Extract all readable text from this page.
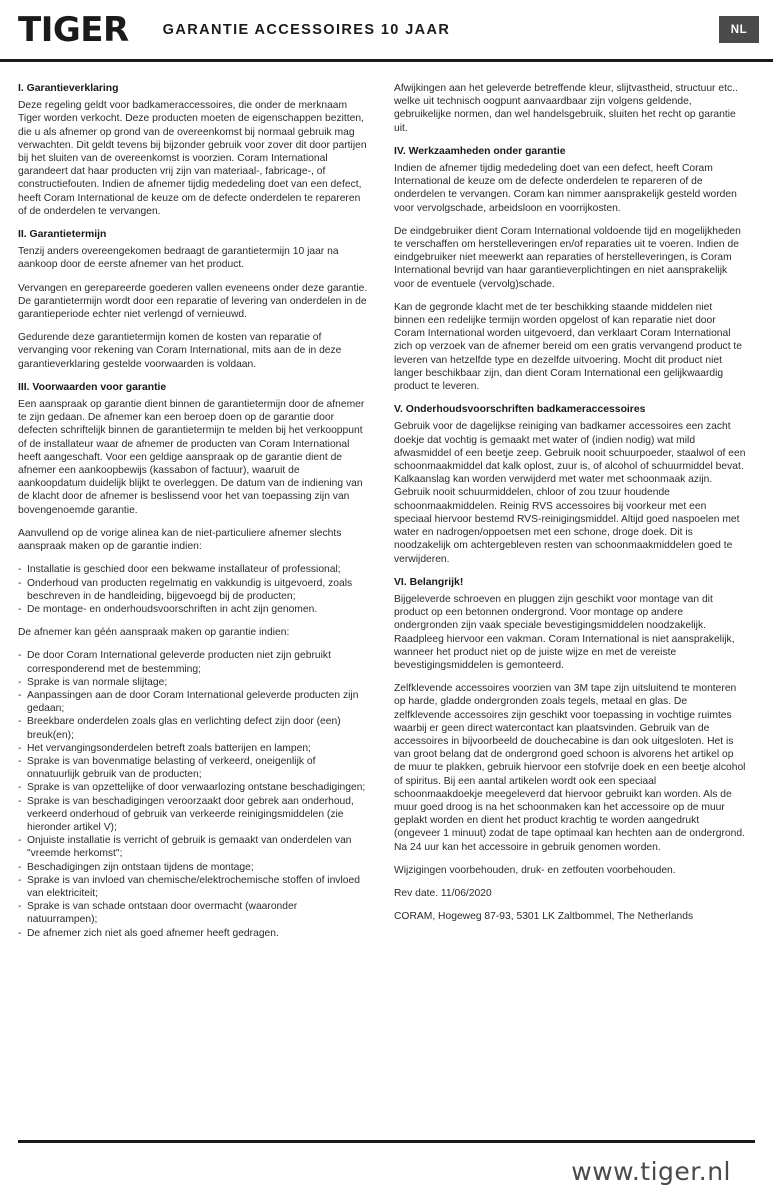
TIGER GARANTIE ACCESSOIRES 10 JAAR	NL
I. Garantieverklaring

Deze regeling geldt voor badkameraccessoires, die onder de merknaam Tiger worden verkocht. Deze producten moeten de eigenschappen bezitten, die u als afnemer op grond van de overeenkomst bij normaal gebruik mag verwachten. Dit geldt tevens bij bijzonder gebruik voor zover dit door partijen bij het sluiten van de overeenkomst is voorzien. Coram International garandeert dat haar producten vrij zijn van materiaal-, fabricage-, of constructiefouten. Indien de afnemer tijdig mededeling doet van een defect, heeft Coram International de keuze om de defecte onderdelen te repareren of de onderdelen te vervangen.

II. Garantietermijn

Tenzij anders overeengekomen bedraagt de garantietermijn 10 jaar na aankoop door de eerste afnemer van het product.

Vervangen en gerepareerde goederen vallen eveneens onder deze garantie. De garantietermijn wordt door een reparatie of levering van onderdelen in de garantieperiode echter niet verlengd of vernieuwd.

Gedurende deze garantietermijn komen de kosten van reparatie of vervanging voor rekening van Coram International, mits aan de in deze garantieverklaring gestelde voorwaarden is voldaan.

III. Voorwaarden voor garantie

Een aanspraak op garantie dient binnen de garantietermijn door de afnemer te zijn gedaan. De afnemer kan een beroep doen op de garantie door defecten schriftelijk binnen de garantietermijn te melden bij het verkooppunt of de installateur waar de afnemer de producten van Coram International heeft aangeschaft. Voor een geldige aanspraak op de garantie dient de afnemer een aankoopbewijs (kassabon of factuur), waaruit de aankoopdatum duidelijk blijkt te overleggen. De datum van de indiening van de klacht door de afnemer is beslissend voor het van toepassing zijn van bovengenoemde garantie.

Aanvullend op de vorige alinea kan de niet-particuliere afnemer slechts aanspraak maken op de garantie indien:

- Installatie is geschied door een bekwame installateur of professional;
- Onderhoud van producten regelmatig en vakkundig is uitgevoerd, zoals beschreven in de handleiding, bijgevoegd bij de producten;
- De montage- en onderhoudsvoorschriften in acht zijn genomen.

De afnemer kan géén aanspraak maken op garantie indien:

- De door Coram International geleverde producten niet zijn gebruikt corresponderend met de bestemming;
- Sprake is van normale slijtage;
- Aanpassingen aan de door Coram International geleverde producten zijn gedaan;
- Breekbare onderdelen zoals glas en verlichting defect zijn door (een) breuk(en);
- Het vervangingsonderdelen betreft zoals batterijen en lampen;
- Sprake is van bovenmatige belasting of verkeerd, oneigenlijk of onnatuurlijk gebruik van de producten;
- Sprake is van opzettelijke of door verwaarlozing ontstane beschadigingen;
- Sprake is van beschadigingen veroorzaakt door gebrek aan onderhoud, verkeerd onderhoud of gebruik van verkeerde reinigingsmiddelen (zie hieronder artikel V);
- Onjuiste installatie is verricht of gebruik is gemaakt van onderdelen van "vreemde herkomst";
- Beschadigingen zijn ontstaan tijdens de montage;
- Sprake is van invloed van chemische/elektrochemische stoffen of invloed van elektriciteit;
- Sprake is van schade ontstaan door overmacht (waaronder natuurrampen);
- De afnemer zich niet als goed afnemer heeft gedragen.

Afwijkingen aan het geleverde betreffende kleur, slijtvastheid, structuur etc.. welke uit technisch oogpunt aanvaardbaar zijn volgens geldende, gebruikelijke normen, dan wel handelsgebruik, sluiten het recht op garantie uit.

IV. Werkzaamheden onder garantie

Indien de afnemer tijdig mededeling doet van een defect, heeft Coram International de keuze om de defecte onderdelen te repareren of de onderdelen te vervangen. Coram kan nimmer aansprakelijk gesteld worden voor vervolgschade, arbeidsloon en voorrijkosten.

De eindgebruiker dient Coram International voldoende tijd en mogelijkheden te verschaffen om herstelleveringen en/of reparaties uit te voeren. Indien de eindgebruiker niet meewerkt aan reparaties of herstelleveringen, is Coram International bevrijd van haar garantieverplichtingen en niet aansprakelijk voor de eventuele (vervolg)schade.

Kan de gegronde klacht met de ter beschikking staande middelen niet binnen een redelijke termijn worden opgelost of kan reparatie niet door Coram International worden uitgevoerd, dan verklaart Coram International zich op verzoek van de afnemer bereid om een gratis vervangend product te leveren van hetzelfde type en dezelfde uitvoering. Mocht dit product niet langer beschikbaar zijn, dan dient Coram International een gelijkwaardig product te leveren.

V. Onderhoudsvoorschriften badkameraccessoires

Gebruik voor de dagelijkse reiniging van badkamer accessoires een zacht doekje dat vochtig is gemaakt met water of (indien nodig) wat mild afwasmiddel of een beetje zeep. Gebruik nooit schuurpoeder, staalwol of een schoonmaakmiddel dat kalk oplost, zuur is, of alcohol of schuurmiddel bevat. Kalkaanslag kan worden verwijderd met water met schoonmaak azijn. Gebruik nooit schuurmiddelen, chloor of zou tzuur houdende schoonmaakmiddelen. Reinig RVS accessoires bij voorkeur met een speciaal hiervoor bestemd RVS-reinigingsmiddel. Altijd goed naspoelen met water en nadrogen/oppoetsen met een schone, droge doek. Dit is noodzakelijk om achtergebleven resten van schoonmaakmiddelen goed te verwijderen.

VI. Belangrijk!

Bijgeleverde schroeven en pluggen zijn geschikt voor montage van dit product op een betonnen ondergrond. Voor montage op andere ondergronden zijn vaak speciale bevestigingsmiddelen noodzakelijk. Raadpleeg hiervoor een vakman. Coram International is niet aansprakelijk, wanneer het product niet op de juiste wijze en met de vereiste bevestigingsmiddelen is gemonteerd.

Zelfklevende accessoires voorzien van 3M tape zijn uitsluitend te monteren op harde, gladde ondergronden zoals tegels, metaal en glas. De zelfklevende accessoires zijn geschikt voor toepassing in vochtige ruimtes waarbij er geen direct watercontact kan plaatsvinden. Gebruik van de accessoires in bijvoorbeeld de douchecabine is dan ook uitgesloten. Het is van groot belang dat de ondergrond goed schoon is alvorens het artikel op de muur te plakken, gebruik hiervoor een stofvrije doek en een beetje alcohol of spiritus. Bij een aantal artikelen wordt ook een speciaal schoonmaakdoekje meegeleverd dat hiervoor gebruikt kan worden. Als de muur goed droog is na het schoonmaken kan het accessoire op de muur geplakt worden en dient het product krachtig te worden aangedrukt (ongeveer 1 minuut) zodat de tape optimaal kan hechten aan de ondergrond. Na 24 uur kan het accessoire in gebruik genomen worden.

Wijzigingen voorbehouden, druk- en zetfouten voorbehouden.

Rev date. 11/06/2020

CORAM, Hogeweg 87-93, 5301 LK Zaltbommel, The Netherlands

www.tiger.nl
